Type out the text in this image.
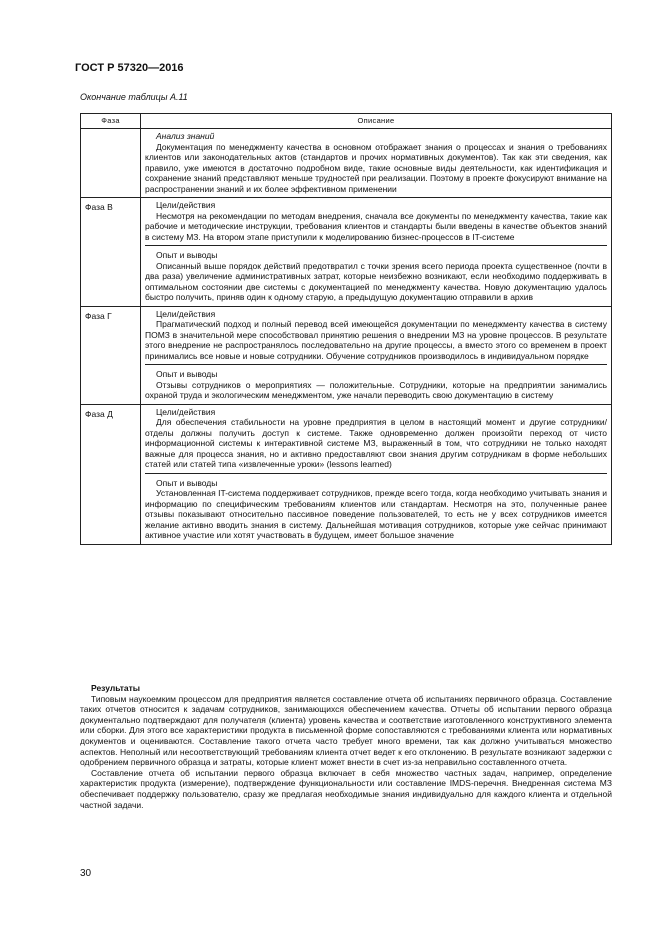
ГОСТ Р 57320—2016
Окончание таблицы А.11
Фаза	Описание

	Анализ знаний
Документация по менеджменту качества в основном отображает знания о процессах и знания о требованиях клиентов или законодательных актов (стандартов и прочих нормативных документов). Так как эти сведения, как правило, уже имеются в достаточно подробном виде, такие основные виды деятельности, как идентификация и сохранение знаний представляют меньше трудностей при реализации. Поэтому в проекте фокусируют внимание на распространении знаний и их более эффективном применении

Фаза В	Цели/действия
Несмотря на рекомендации по методам внедрения, сначала все документы по менеджменту качества, такие как рабочие и методические инструкции, требования клиентов и стандарты были введены в качестве объектов знаний в систему МЗ. На втором этапе приступили к моделированию бизнес-процессов в IT-системе
Опыт и выводы
Описанный выше порядок действий предотвратил с точки зрения всего периода проекта существенное (почти в два раза) увеличение административных затрат, которые неизбежно возникают, если необходимо поддерживать в оптимальном состоянии две системы с документацией по менеджменту качества. Новую документацию удалось быстро получить, приняв один к одному старую, а предыдущую документацию отправили в архив

Фаза Г	Цели/действия
Прагматический подход и полный перевод всей имеющейся документации по менеджменту качества в систему ПОМЗ в значительной мере способствовал принятию решения о внедрении МЗ на уровне процессов. В результате этого внедрение не распространялось последовательно на другие процессы, а вместо этого со временем в проект принимались все новые и новые сотрудники. Обучение сотрудников производилось в индивидуальном порядке
Опыт и выводы
Отзывы сотрудников о мероприятиях — положительные. Сотрудники, которые на предприятии занимались охраной труда и экологическим менеджментом, уже начали переводить свою документацию в систему

Фаза Д	Цели/действия
Для обеспечения стабильности на уровне предприятия в целом в настоящий момент и другие сотрудники/отделы должны получить доступ к системе. Также одновременно должен произойти переход от чисто информационной системы к интерактивной системе МЗ, выраженный в том, что сотрудники не только находят важные для процесса знания, но и активно предоставляют свои знания другим сотрудникам в форме небольших статей или статей типа «извлеченные уроки» (lessons learned)
Опыт и выводы
Установленная IT-система поддерживает сотрудников, прежде всего тогда, когда необходимо учитывать знания и информацию по специфическим требованиям клиентов или стандартам. Несмотря на это, полученные ранее отзывы показывают относительно пассивное поведение пользователей, то есть не у всех сотрудников имеется желание активно вводить знания в систему. Дальнейшая мотивация сотрудников, которые уже сейчас принимают активное участие или хотят участвовать в будущем, имеет большое значение
Результаты

Типовым наукоемким процессом для предприятия является составление отчета об испытаниях первичного образца. Составление таких отчетов относится к задачам сотрудников, занимающихся обеспечением качества. Отчеты об испытании первого образца документально подтверждают для получателя (клиента) уровень качества и соответствие изготовленного конструктивного элемента или сборки. Для этого все характеристики продукта в письменной форме сопоставляются с требованиями клиента или нормативных документов и оцениваются. Составление такого отчета часто требует много времени, так как должно учитываться множество аспектов. Неполный или несоответствующий требованиям клиента отчет ведет к его отклонению. В результате возникают задержки с одобрением первичного образца и затраты, которые клиент может внести в счет из-за неправильно составленного отчета.

Составление отчета об испытании первого образца включает в себя множество частных задач, например, определение характеристик продукта (измерение), подтверждение функциональности или составление IMDS-перечня. Внедренная система МЗ обеспечивает поддержку пользователю, сразу же предлагая необходимые знания индивидуально для каждого клиента и отдельной частной задачи.

30
